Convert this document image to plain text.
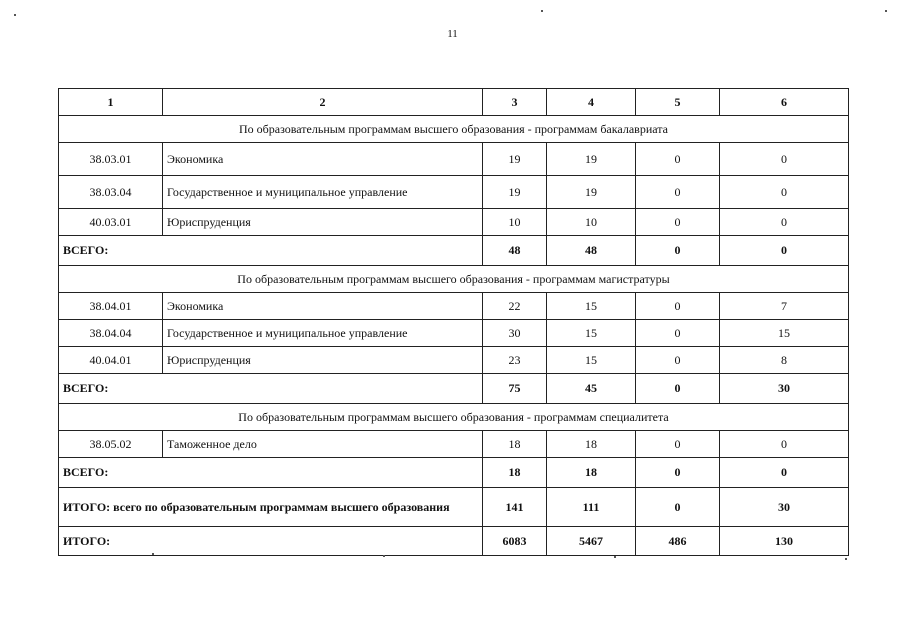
11
1	2	3	4	5	6
По образовательным программам высшего образования - программам бакалавриата					
38.03.01	Экономика	19	19	0	0
38.03.04	Государственное и муниципальное управление	19	19	0	0
40.03.01	Юриспруденция	10	10	0	0
ВСЕГО:		48	48	0	0
По образовательным программам высшего образования - программам магистратуры					
38.04.01	Экономика	22	15	0	7
38.04.04	Государственное и муниципальное управление	30	15	0	15
40.04.01	Юриспруденция	23	15	0	8
ВСЕГО:		75	45	0	30
По образовательным программам высшего образования - программам специалитета					
38.05.02	Таможенное дело	18	18	0	0
ВСЕГО:		18	18	0	0
ИТОГО: всего по образовательным программам высшего образования		141	111	0	30
ИТОГО:		6083	5467	486	130
